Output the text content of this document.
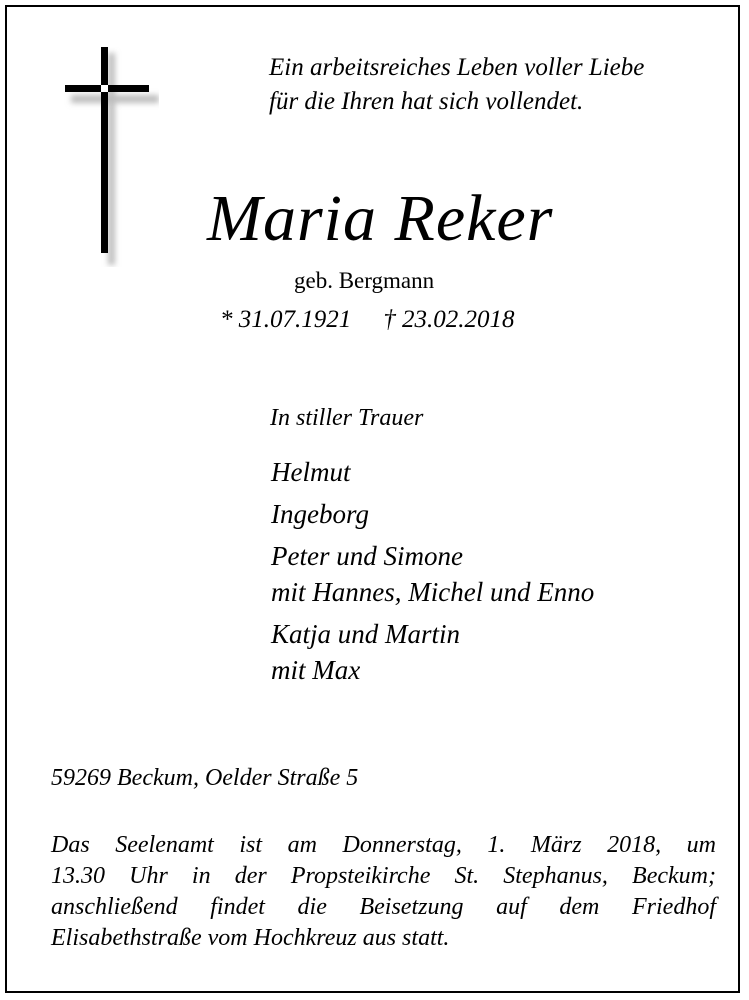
Ein arbeitsreiches Leben voller Liebe
für die Ihren hat sich vollendet.
Maria Reker
geb. Bergmann
* 31.07.1921 † 23.02.2018
In stiller Trauer
Helmut
Ingeborg
Peter und Simone
mit Hannes, Michel und Enno
Katja und Martin
mit Max
59269 Beckum, Oelder Straße 5
Das Seelenamt ist am Donnerstag, 1. März 2018, um
13.30 Uhr in der Propsteikirche St. Stephanus, Beckum;
anschließend findet die Beisetzung auf dem Friedhof
Elisabethstraße vom Hochkreuz aus statt.
